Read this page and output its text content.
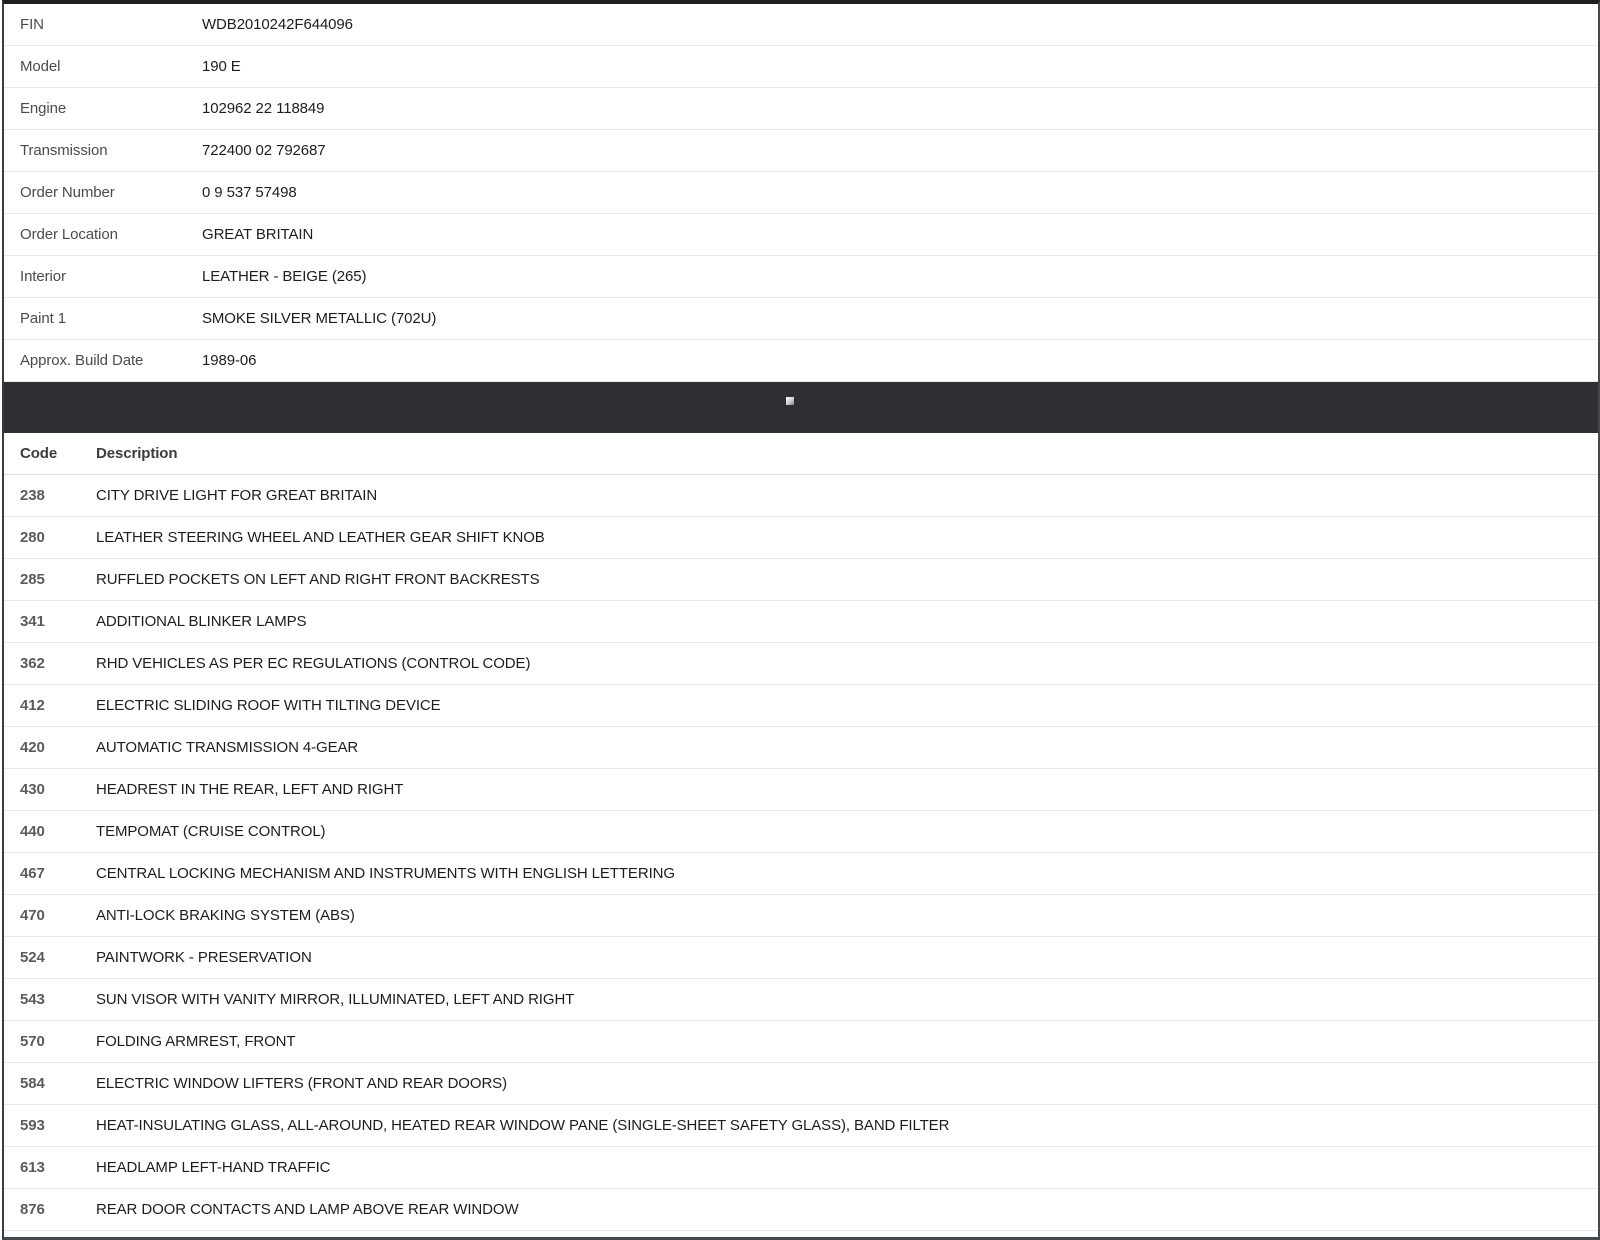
FIN	WDB2010242F644096
Model	190 E
Engine	102962 22 118849
Transmission	722400 02 792687
Order Number	0 9 537 57498
Order Location	GREAT BRITAIN
Interior	LEATHER - BEIGE (265)
Paint 1	SMOKE SILVER METALLIC (702U)
Approx. Build Date	1989-06
Code	Description
238	CITY DRIVE LIGHT FOR GREAT BRITAIN
280	LEATHER STEERING WHEEL AND LEATHER GEAR SHIFT KNOB
285	RUFFLED POCKETS ON LEFT AND RIGHT FRONT BACKRESTS
341	ADDITIONAL BLINKER LAMPS
362	RHD VEHICLES AS PER EC REGULATIONS (CONTROL CODE)
412	ELECTRIC SLIDING ROOF WITH TILTING DEVICE
420	AUTOMATIC TRANSMISSION 4-GEAR
430	HEADREST IN THE REAR, LEFT AND RIGHT
440	TEMPOMAT (CRUISE CONTROL)
467	CENTRAL LOCKING MECHANISM AND INSTRUMENTS WITH ENGLISH LETTERING
470	ANTI-LOCK BRAKING SYSTEM (ABS)
524	PAINTWORK - PRESERVATION
543	SUN VISOR WITH VANITY MIRROR, ILLUMINATED, LEFT AND RIGHT
570	FOLDING ARMREST, FRONT
584	ELECTRIC WINDOW LIFTERS (FRONT AND REAR DOORS)
593	HEAT-INSULATING GLASS, ALL-AROUND, HEATED REAR WINDOW PANE (SINGLE-SHEET SAFETY GLASS), BAND FILTER
613	HEADLAMP LEFT-HAND TRAFFIC
876	REAR DOOR CONTACTS AND LAMP ABOVE REAR WINDOW
